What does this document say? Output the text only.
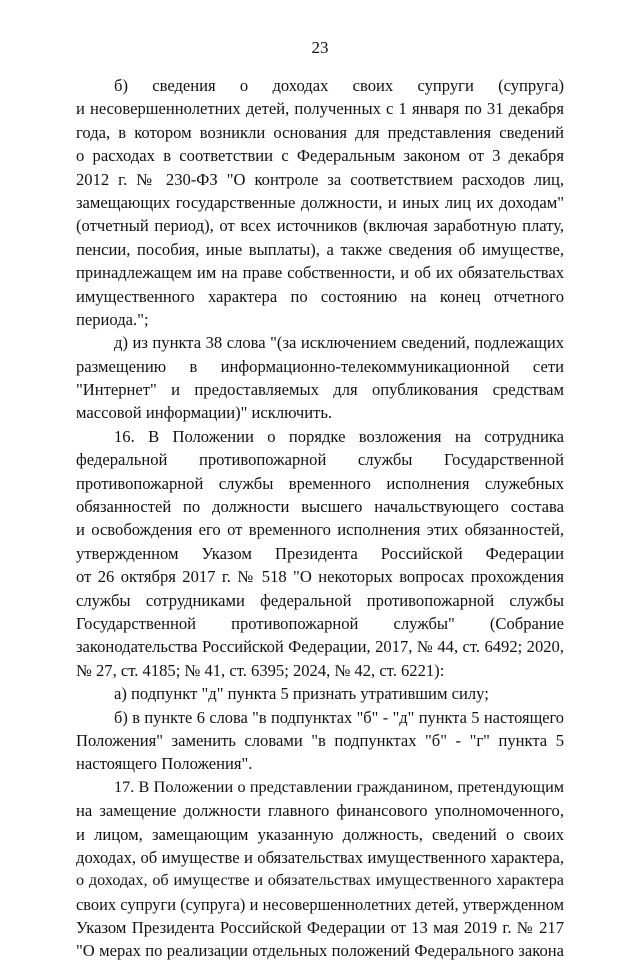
23
б) сведения о доходах своих супруги (супруга)
и несовершеннолетних детей, полученных с 1 января по 31 декабря
года, в котором возникли основания для представления сведений
о расходах в соответствии с Федеральным законом от 3 декабря
2012 г. № 230-ФЗ "О контроле за соответствием расходов лиц,
замещающих государственные должности, и иных лиц их доходам"
(отчетный период), от всех источников (включая заработную плату,
пенсии, пособия, иные выплаты), а также сведения об имуществе,
принадлежащем им на праве собственности, и об их обязательствах
имущественного характера по состоянию на конец отчетного
периода.";
д) из пункта 38 слова "(за исключением сведений, подлежащих
размещению в информационно-телекоммуникационной сети
"Интернет" и предоставляемых для опубликования средствам
массовой информации)" исключить.
16. В Положении о порядке возложения на сотрудника
федеральной противопожарной службы Государственной
противопожарной службы временного исполнения служебных
обязанностей по должности высшего начальствующего состава
и освобождения его от временного исполнения этих обязанностей,
утвержденном Указом Президента Российской Федерации
от 26 октября 2017 г. № 518 "О некоторых вопросах прохождения
службы сотрудниками федеральной противопожарной службы
Государственной противопожарной службы" (Собрание
законодательства Российской Федерации, 2017, № 44, ст. 6492; 2020,
№ 27, ст. 4185; № 41, ст. 6395; 2024, № 42, ст. 6221):
а) подпункт "д" пункта 5 признать утратившим силу;
б) в пункте 6 слова "в подпунктах "б" - "д" пункта 5 настоящего
Положения" заменить словами "в подпунктах "б" - "г" пункта 5
настоящего Положения".
17. В Положении о представлении гражданином, претендующим
на замещение должности главного финансового уполномоченного,
и лицом, замещающим указанную должность, сведений о своих
доходах, об имуществе и обязательствах имущественного характера,
о доходах, об имуществе и обязательствах имущественного характера
своих супруги (супруга) и несовершеннолетних детей, утвержденном
Указом Президента Российской Федерации от 13 мая 2019 г. № 217
"О мерах по реализации отдельных положений Федерального закона
